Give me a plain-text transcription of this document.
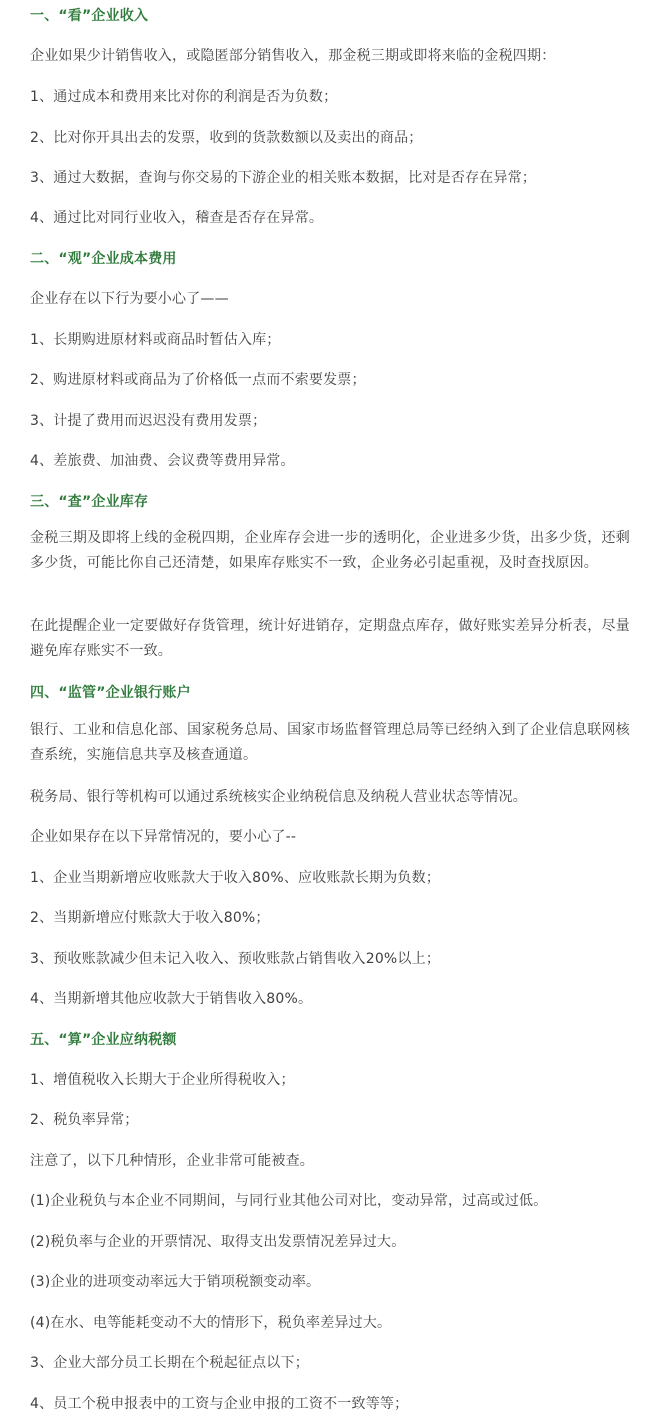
一、“看”企业收入

企业如果少计销售收入，或隐匿部分销售收入，那金税三期或即将来临的金税四期：

1、通过成本和费用来比对你的利润是否为负数；

2、比对你开具出去的发票，收到的货款数额以及卖出的商品；

3、通过大数据，查询与你交易的下游企业的相关账本数据，比对是否存在异常；

4、通过比对同行业收入，稽查是否存在异常。

二、“观”企业成本费用

企业存在以下行为要小心了——

1、长期购进原材料或商品时暂估入库；

2、购进原材料或商品为了价格低一点而不索要发票；

3、计提了费用而迟迟没有费用发票；

4、差旅费、加油费、会议费等费用异常。

三、“查”企业库存

金税三期及即将上线的金税四期，企业库存会进一步的透明化，企业进多少货，出多少货，还剩多少货，可能比你自己还清楚，如果库存账实不一致，企业务必引起重视，及时查找原因。

在此提醒企业一定要做好存货管理，统计好进销存，定期盘点库存，做好账实差异分析表，尽量避免库存账实不一致。

四、“监管”企业银行账户

银行、工业和信息化部、国家税务总局、国家市场监督管理总局等已经纳入到了企业信息联网核查系统，实施信息共享及核查通道。

税务局、银行等机构可以通过系统核实企业纳税信息及纳税人营业状态等情况。

企业如果存在以下异常情况的，要小心了--

1、企业当期新增应收账款大于收入80%、应收账款长期为负数；

2、当期新增应付账款大于收入80%；

3、预收账款减少但未记入收入、预收账款占销售收入20%以上；

4、当期新增其他应收款大于销售收入80%。

五、“算”企业应纳税额

1、增值税收入长期大于企业所得税收入；

2、税负率异常；

注意了，以下几种情形，企业非常可能被查。

(1)企业税负与本企业不同期间，与同行业其他公司对比，变动异常，过高或过低。

(2)税负率与企业的开票情况、取得支出发票情况差异过大。

(3)企业的进项变动率远大于销项税额变动率。

(4)在水、电等能耗变动不大的情形下，税负率差异过大。

3、企业大部分员工长期在个税起征点以下；

4、员工个税申报表中的工资与企业申报的工资不一致等等；
